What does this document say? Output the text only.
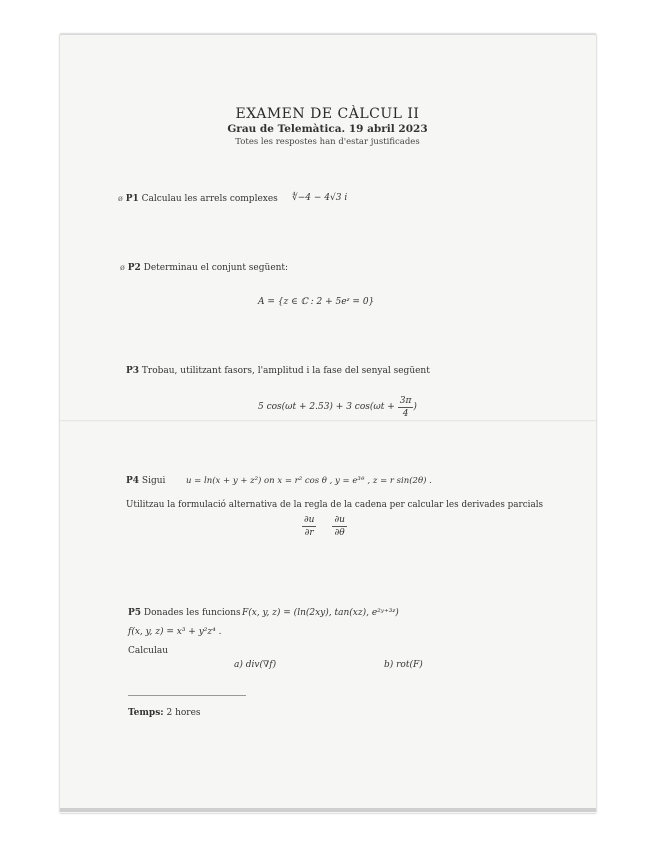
EXAMEN DE CÀLCUL II
Grau de Telemàtica. 19 abril 2023
Totes les respostes han d'estar justificades
ø P1 Calculau les arrels complexes ∜−4 − 4√3 i
ø P2 Determinau el conjunt següent:
A = {z ∈ ℂ : 2 + 5eᶻ = 0}
P3 Trobau, utilitzant fasors, l'amplitud i la fase del senyal següent
5 cos(ωt + 2.53) + 3 $\cos(\omega t + \frac{3\pi}{4}$ )
P4 Sigui u = ln(x + y + z²) on x = r² cos θ , y = e³ᶿ , z = r sin(2θ) .
Utilitzau la formulació alternativa de la regla de la cadena per calcular les derivades parcials
$\frac{\partial u}{\partial r} \frac{\partial u}{\partial\theta}$
P5 Donades les funcions F(x, y, z) = (ln(2xy), tan(xz), e²ʸ⁺³ᶻ)
f(x, y, z) = x³ + y²z⁴ .
Calculau
a) div(∇f)	b) rot(F)
Temps: 2 hores
